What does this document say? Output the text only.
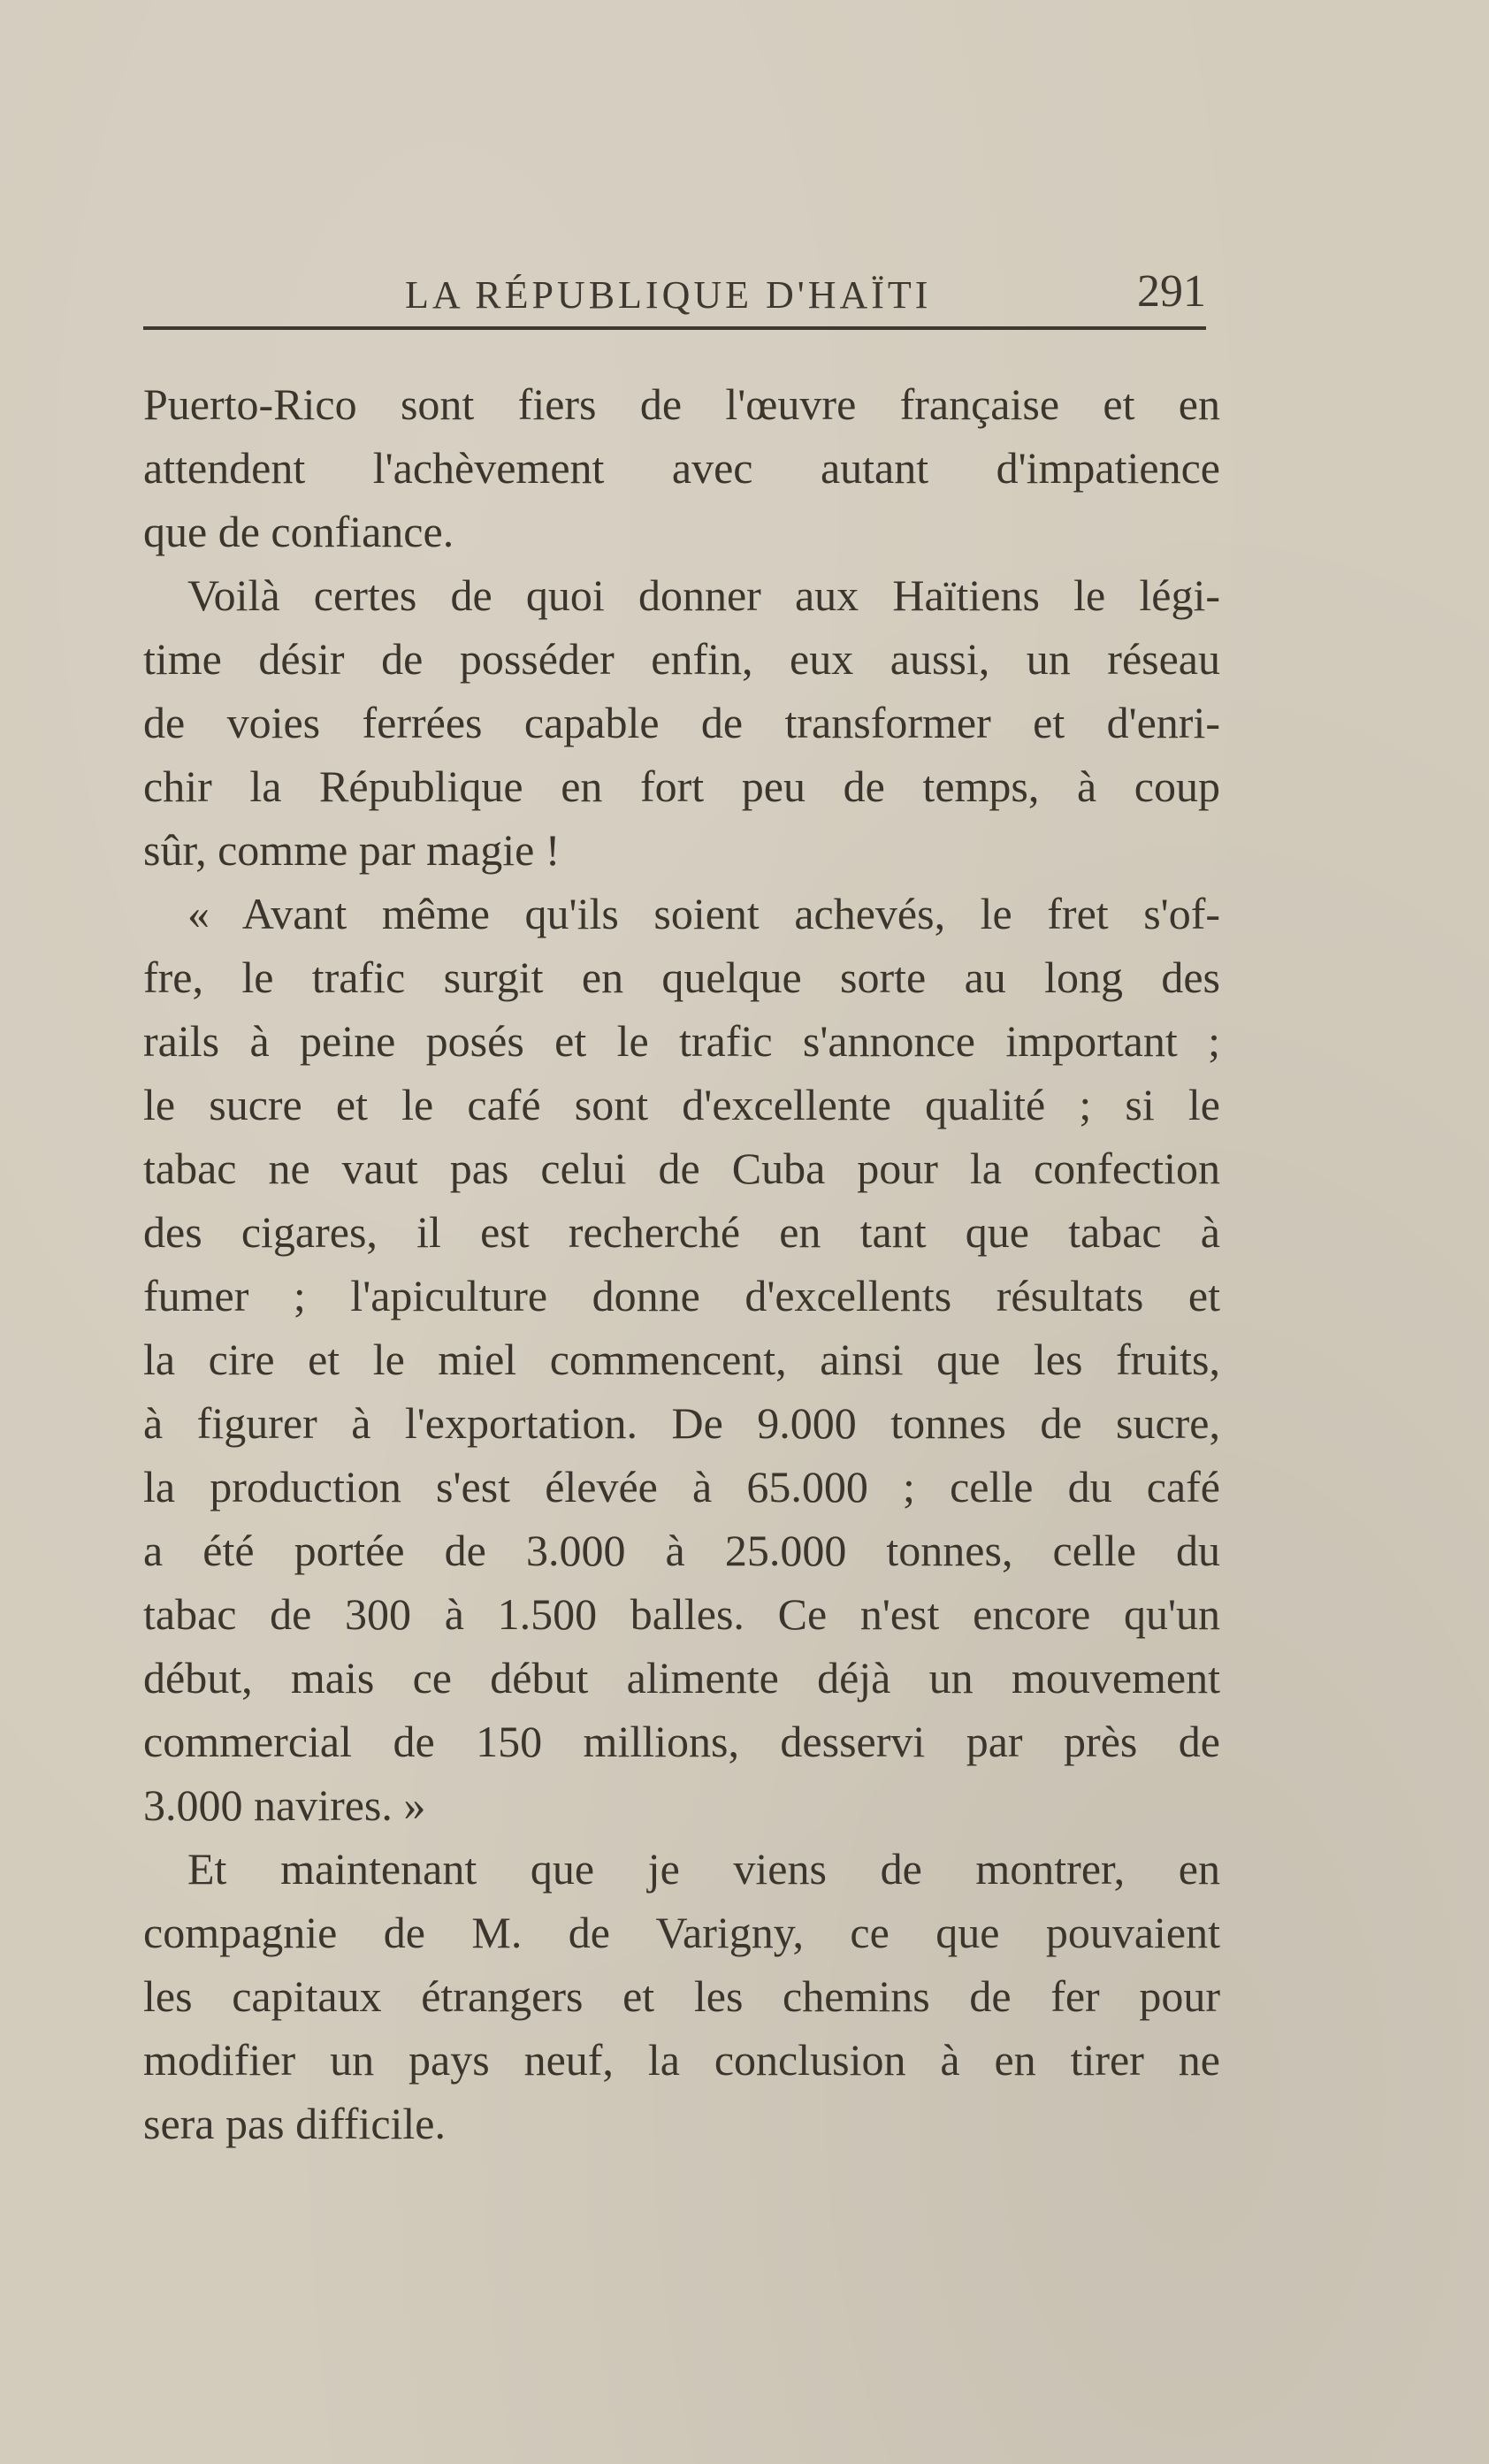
LA RÉPUBLIQUE D'HAÏTI	291
Puerto-Rico sont fiers de l'œuvre française et en
attendent l'achèvement avec autant d'impatience
que de confiance.
Voilà certes de quoi donner aux Haïtiens le légi-
time désir de posséder enfin, eux aussi, un réseau
de voies ferrées capable de transformer et d'enri-
chir la République en fort peu de temps, à coup
sûr, comme par magie !
« Avant même qu'ils soient achevés, le fret s'of-
fre, le trafic surgit en quelque sorte au long des
rails à peine posés et le trafic s'annonce important ;
le sucre et le café sont d'excellente qualité ; si le
tabac ne vaut pas celui de Cuba pour la confection
des cigares, il est recherché en tant que tabac à
fumer ; l'apiculture donne d'excellents résultats et
la cire et le miel commencent, ainsi que les fruits,
à figurer à l'exportation. De 9.000 tonnes de sucre,
la production s'est élevée à 65.000 ; celle du café
a été portée de 3.000 à 25.000 tonnes, celle du
tabac de 300 à 1.500 balles. Ce n'est encore qu'un
début, mais ce début alimente déjà un mouvement
commercial de 150 millions, desservi par près de
3.000 navires. »
Et maintenant que je viens de montrer, en
compagnie de M. de Varigny, ce que pouvaient
les capitaux étrangers et les chemins de fer pour
modifier un pays neuf, la conclusion à en tirer ne
sera pas difficile.
